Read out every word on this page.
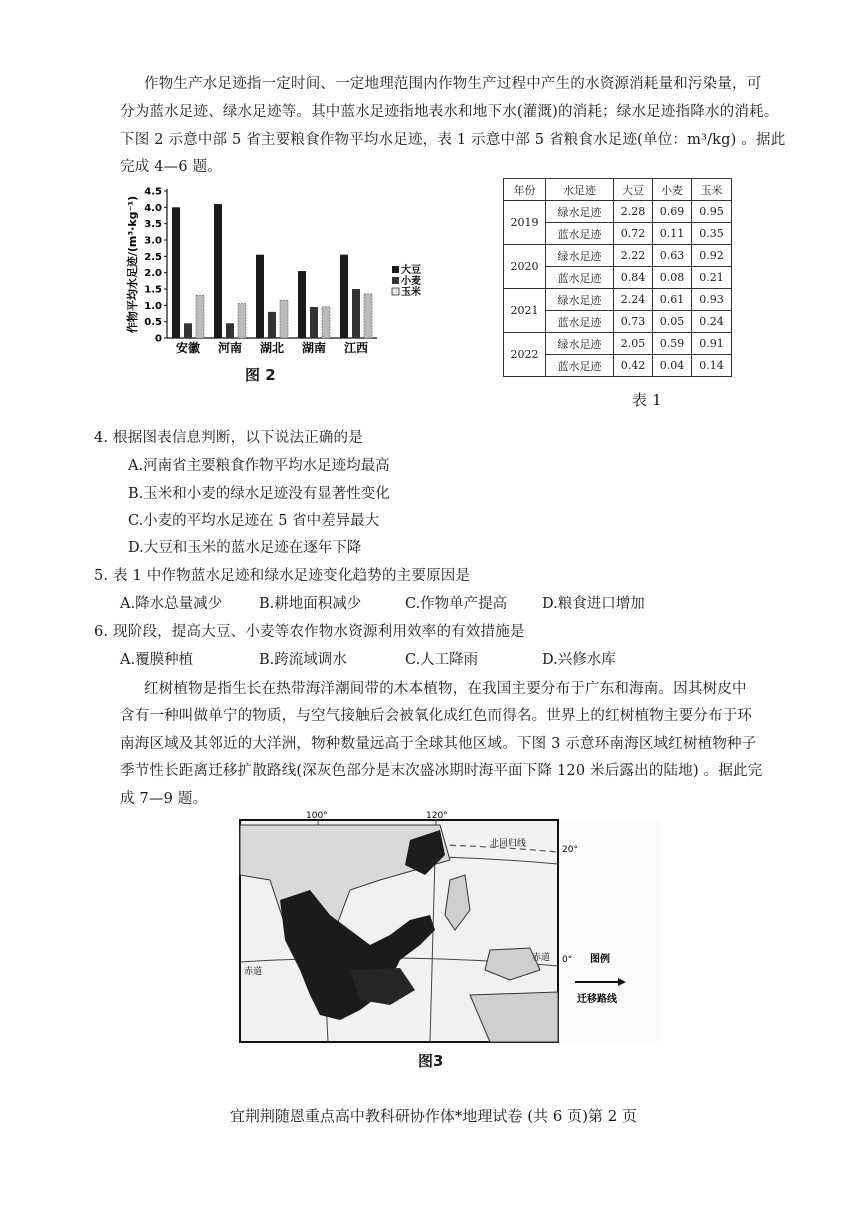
作物生产水足迹指一定时间、一定地理范围内作物生产过程中产生的水资源消耗量和污染量，可
分为蓝水足迹、绿水足迹等。其中蓝水足迹指地表水和地下水(灌溉)的消耗；绿水足迹指降水的消耗。
下图 2 示意中部 5 省主要粮食作物平均水足迹，表 1 示意中部 5 省粮食水足迹(单位：m³/kg) 。据此
完成 4—6 题。
作物平均水足迹/(m³·kg⁻¹)
0
0.5
1.0
1.5
2.0
2.5
3.0
3.5
4.0
4.5
安徽 河南 湖北 湖南 江西
大豆
小麦
玉米
图 2
年份	水足迹	大豆	小麦	玉米
2019	绿水足迹	2.28	0.69	0.95
	蓝水足迹	0.72	0.11	0.35
2020	绿水足迹	2.22	0.63	0.92
	蓝水足迹	0.84	0.08	0.21
2021	绿水足迹	2.24	0.61	0.93
	蓝水足迹	0.73	0.05	0.24
2022	绿水足迹	2.05	0.59	0.91
	蓝水足迹	0.42	0.04	0.14
表 1
4. 根据图表信息判断，以下说法正确的是
A.河南省主要粮食作物平均水足迹均最高
B.玉米和小麦的绿水足迹没有显著性变化
C.小麦的平均水足迹在 5 省中差异最大
D.大豆和玉米的蓝水足迹在逐年下降
5. 表 1 中作物蓝水足迹和绿水足迹变化趋势的主要原因是
A.降水总量减少	B.耕地面积减少	C.作物单产提高 D.粮食进口增加
6. 现阶段，提高大豆、小麦等农作物水资源利用效率的有效措施是
A.覆膜种植	B.跨流域调水	C.人工降雨	D.兴修水库
红树植物是指生长在热带海洋潮间带的木本植物，在我国主要分布于广东和海南。因其树皮中
含有一种叫做单宁的物质，与空气接触后会被氧化成红色而得名。世界上的红树植物主要分布于环
南海区域及其邻近的大洋洲，物种数量远高于全球其他区域。下图 3 示意环南海区域红树植物种子
季节性长距离迁移扩散路线(深灰色部分是末次盛冰期时海平面下降 120 米后露出的陆地) 。据此完
成 7—9 题。
100°	120°
20°
0°
北回归线
赤道
赤道	图例
迁移路线
图3
宜荆荆随恩重点高中教科研协作体*地理试卷 (共 6 页)第 2 页
